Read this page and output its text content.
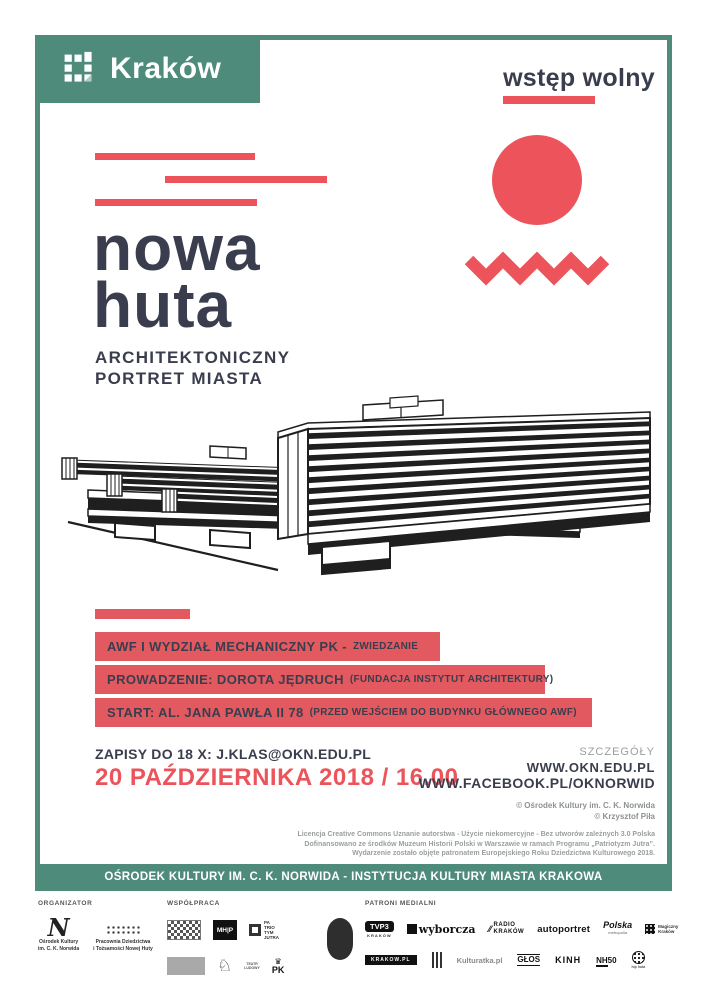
Kraków	wstęp wolny
nowa
huta
ARCHITEKTONICZNY
PORTRET MIASTA
AWF I WYDZIAŁ MECHANICZNY PK - ZWIEDZANIE
PROWADZENIE: DOROTA JĘDRUCH (FUNDACJA INSTYTUT ARCHITEKTURY)
START: AL. JANA PAWŁA II 78 (PRZED WEJŚCIEM DO BUDYNKU GŁÓWNEGO AWF)
ZAPISY DO 18 X: J.KLAS@OKN.EDU.PL
20 PAŹDZIERNIKA 2018 / 16.00
SZCZEGÓŁY
WWW.OKN.EDU.PL
WWW.FACEBOOK.PL/OKNORWID
© Ośrodek Kultury im. C. K. Norwida
© Krzysztof Piła
Licencja Creative Commons Uznanie autorstwa - Użycie niekomercyjne - Bez utworów zależnych 3.0 Polska
Dofinansowano ze środków Muzeum Historii Polski w Warszawie w ramach Programu „Patriotyzm Jutra”.
Wydarzenie zostało objęte patronatem Europejskiego Roku Dziedzictwa Kulturowego 2018.
OŚRODEK KULTURY IM. C. K. NORWIDA - INSTYTUCJA KULTURY MIASTA KRAKOWA
ORGANIZATOR
N
Ośrodek Kultury
im. C. K. Norwida
Pracownia Dziedzictwa
i Tożsamości Nowej Huty
WSPÓŁPRACA
MH|P
PA
TRIO
TYM
JUTRA
♘	TEATR
LUDOWY
♛
PK
PATRONI MEDIALNI
TVP3
KRAKÓW wyborcza ⁄⁄ RADIO
KRAKÓW autoportret Polska
metropolia
Magiczny
Kraków
KRAKOW.PL	Kulturatka.pl GŁOS KINH NH50
hip huta
